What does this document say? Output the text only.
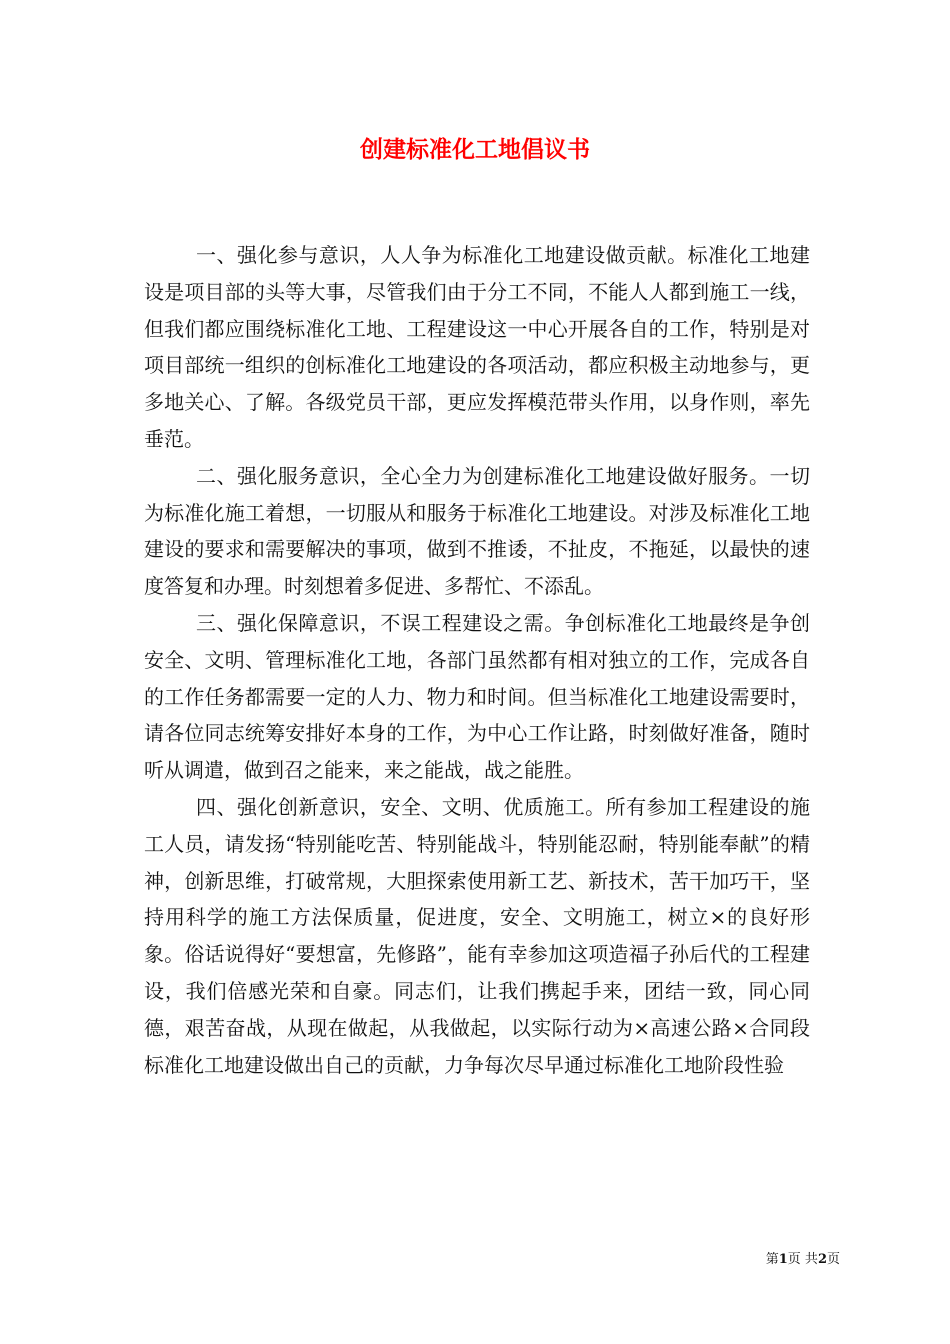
创建标准化工地倡议书

一、强化参与意识，人人争为标准化工地建设做贡献。标准化工地建设是项目部的头等大事，尽管我们由于分工不同，不能人人都到施工一线，但我们都应围绕标准化工地、工程建设这一中心开展各自的工作，特别是对项目部统一组织的创标准化工地建设的各项活动，都应积极主动地参与，更多地关心、了解。各级党员干部，更应发挥模范带头作用，以身作则，率先垂范。

二、强化服务意识，全心全力为创建标准化工地建设做好服务。一切为标准化施工着想，一切服从和服务于标准化工地建设。对涉及标准化工地建设的要求和需要解决的事项，做到不推诿，不扯皮，不拖延，以最快的速度答复和办理。时刻想着多促进、多帮忙、不添乱。

三、强化保障意识，不误工程建设之需。争创标准化工地最终是争创安全、文明、管理标准化工地，各部门虽然都有相对独立的工作，完成各自的工作任务都需要一定的人力、物力和时间。但当标准化工地建设需要时，请各位同志统筹安排好本身的工作，为中心工作让路，时刻做好准备，随时听从调遣，做到召之能来，来之能战，战之能胜。

四、强化创新意识，安全、文明、优质施工。所有参加工程建设的施工人员，请发扬“特别能吃苦、特别能战斗，特别能忍耐，特别能奉献”的精神，创新思维，打破常规，大胆探索使用新工艺、新技术，苦干加巧干，坚持用科学的施工方法保质量，促进度，安全、文明施工，树立×的良好形象。俗话说得好“要想富，先修路”，能有幸参加这项造福子孙后代的工程建设，我们倍感光荣和自豪。同志们，让我们携起手来，团结一致，同心同德，艰苦奋战，从现在做起，从我做起，以实际行动为×高速公路×合同段标准化工地建设做出自己的贡献，力争每次尽早通过标准化工地阶段性验

第1页 共2页
